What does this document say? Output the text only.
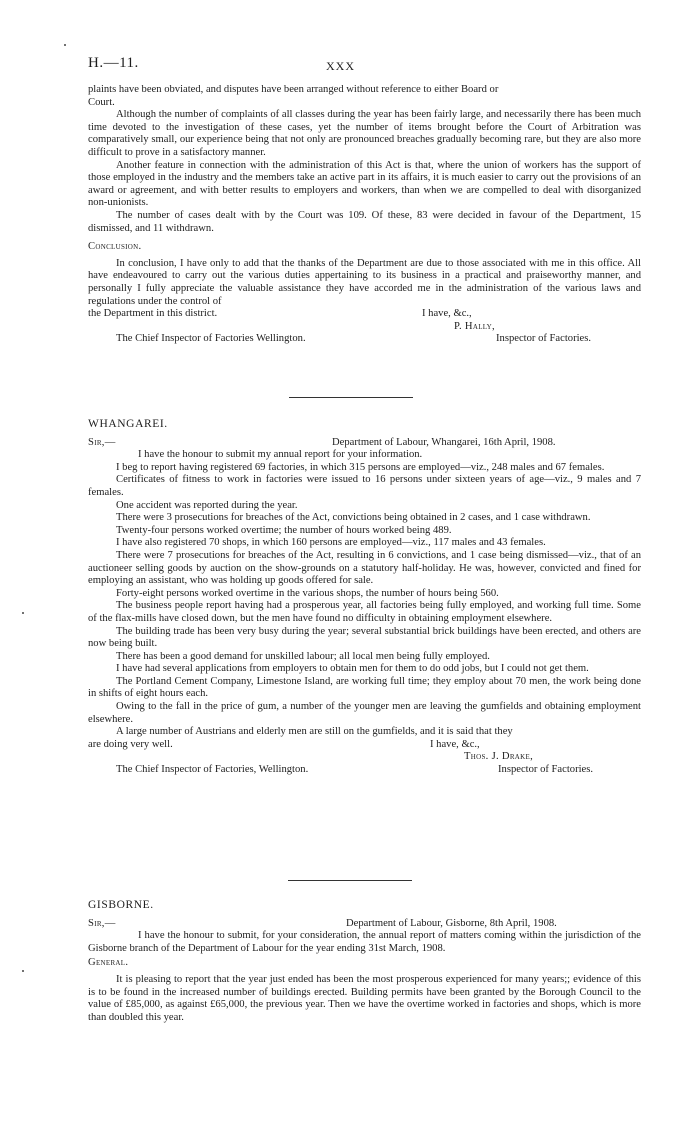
H.—11.	XXX

plaints have been obviated, and disputes have been arranged without reference to either Board or

Court.

Although the number of complaints of all classes during the year has been fairly large, and necessarily there has been much time devoted to the investigation of these cases, yet the number of items brought before the Court of Arbitration was comparatively small, our experience being that not only are pronounced breaches gradually becoming rare, but they are also more difficult to prove in a satisfactory manner.

Another feature in connection with the administration of this Act is that, where the union of workers has the support of those employed in the industry and the members take an active part in its affairs, it is much easier to carry out the provisions of an award or agreement, and with better results to employers and workers, than when we are compelled to deal with disorganized non-unionists.

The number of cases dealt with by the Court was 109. Of these, 83 were decided in favour of the Department, 15 dismissed, and 11 withdrawn.

Conclusion.

In conclusion, I have only to add that the thanks of the Department are due to those associated with me in this office. All have endeavoured to carry out the various duties appertaining to its business in a practical and praiseworthy manner, and personally I fully appreciate the valuable assistance they have accorded me in the administration of the various laws and regulations under the control of

the Department in this district.	I have, &c.,
P. Hally,
The Chief Inspector of Factories Wellington.	Inspector of Factories.

WHANGAREI.

Sir,—	Department of Labour, Whangarei, 16th April, 1908.
I have the honour to submit my annual report for your information.

I beg to report having registered 69 factories, in which 315 persons are employed—viz., 248 males and 67 females.

Certificates of fitness to work in factories were issued to 16 persons under sixteen years of age—viz., 9 males and 7 females.

One accident was reported during the year.

There were 3 prosecutions for breaches of the Act, convictions being obtained in 2 cases, and 1 case withdrawn.

Twenty-four persons worked overtime; the number of hours worked being 489.

I have also registered 70 shops, in which 160 persons are employed—viz., 117 males and 43 females.

There were 7 prosecutions for breaches of the Act, resulting in 6 convictions, and 1 case being dismissed—viz., that of an auctioneer selling goods by auction on the show-grounds on a statutory half-holiday. He was, however, convicted and fined for employing an assistant, who was holding up goods offered for sale.

Forty-eight persons worked overtime in the various shops, the number of hours being 560.

The business people report having had a prosperous year, all factories being fully employed, and working full time. Some of the flax-mills have closed down, but the men have found no difficulty in obtaining employment elsewhere.

The building trade has been very busy during the year; several substantial brick buildings have been erected, and others are now being built.

There has been a good demand for unskilled labour; all local men being fully employed.

I have had several applications from employers to obtain men for them to do odd jobs, but I could not get them.

The Portland Cement Company, Limestone Island, are working full time; they employ about 70 men, the work being done in shifts of eight hours each.

Owing to the fall in the price of gum, a number of the younger men are leaving the gumfields and obtaining employment elsewhere.

A large number of Austrians and elderly men are still on the gumfields, and it is said that they

are doing very well.	I have, &c.,
Thos. J. Drake,
The Chief Inspector of Factories, Wellington.	Inspector of Factories.

GISBORNE.

Sir,—	Department of Labour, Gisborne, 8th April, 1908.

I have the honour to submit, for your consideration, the annual report of matters coming within the jurisdiction of the Gisborne branch of the Department of Labour for the year ending 31st March, 1908.

General.

It is pleasing to report that the year just ended has been the most prosperous experienced for many years;; evidence of this is to be found in the increased number of buildings erected. Building permits have been granted by the Borough Council to the value of £85,000, as against £65,000, the previous year. Then we have the overtime worked in factories and shops, which is more than doubled this year.
